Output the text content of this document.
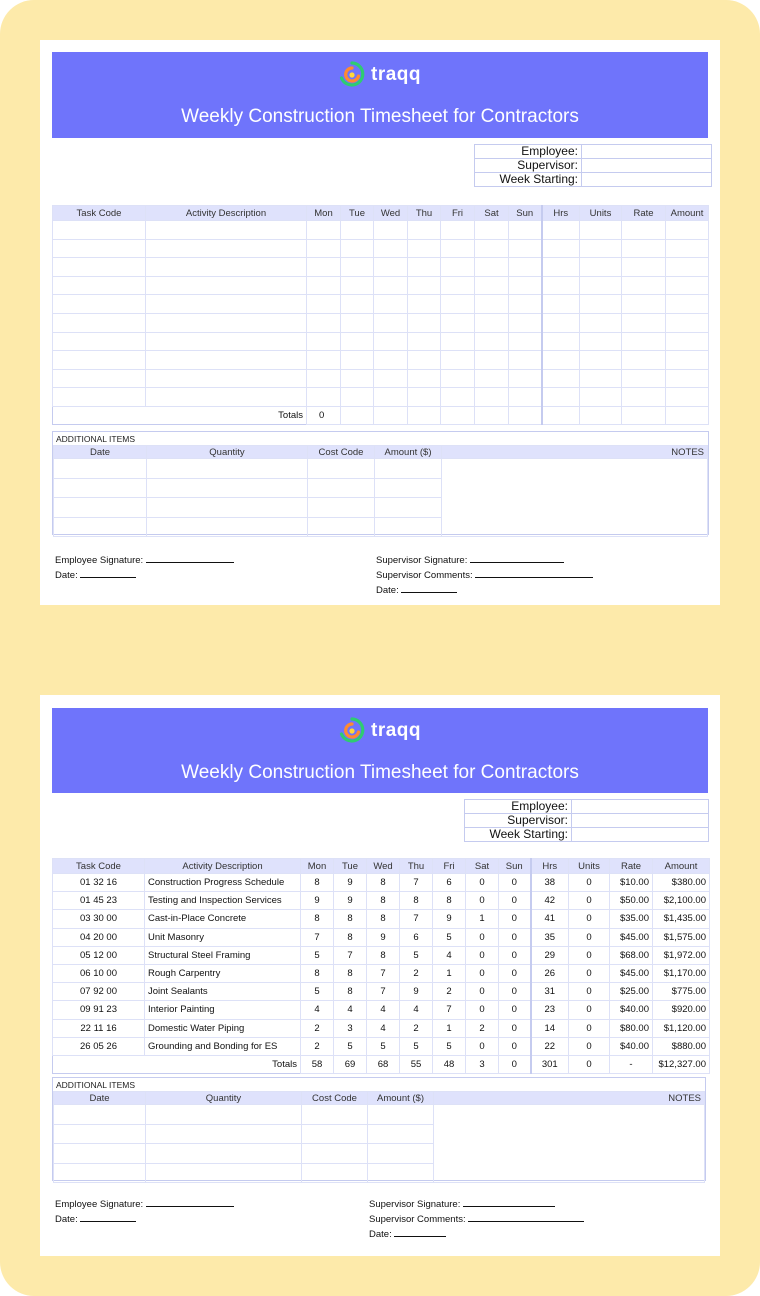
traqq
Weekly Construction Timesheet for Contractors
Employee:	
Supervisor:	
Week Starting:	
Task Code	Activity Description	Mon	Tue	Wed	Thu	Fri	Sat	Sun	Hrs	Units	Rate	Amount

Totals		0										
ADDITIONAL ITEMS
Date	Quantity	Cost Code	Amount ($)	NOTES

Employee Signature:
Date:
Supervisor Signature:
Supervisor Comments:
Date:
traqq
Weekly Construction Timesheet for Contractors
Employee:	
Supervisor:	
Week Starting:	
Task Code	Activity Description	Mon	Tue	Wed	Thu	Fri	Sat	Sun	Hrs	Units	Rate	Amount
01 32 16	Construction Progress Schedule	8	9	8	7	6	0	0	38	0	$10.00	$380.00
01 45 23	Testing and Inspection Services	9	9	8	8	8	0	0	42	0	$50.00	$2,100.00
03 30 00	Cast-in-Place Concrete	8	8	8	7	9	1	0	41	0	$35.00	$1,435.00
04 20 00	Unit Masonry	7	8	9	6	5	0	0	35	0	$45.00	$1,575.00
05 12 00	Structural Steel Framing	5	7	8	5	4	0	0	29	0	$68.00	$1,972.00
06 10 00	Rough Carpentry	8	8	7	2	1	0	0	26	0	$45.00	$1,170.00
07 92 00	Joint Sealants	5	8	7	9	2	0	0	31	0	$25.00	$775.00
09 91 23	Interior Painting	4	4	4	4	7	0	0	23	0	$40.00	$920.00
22 11 16	Domestic Water Piping	2	3	4	2	1	2	0	14	0	$80.00	$1,120.00
26 05 26	Grounding and Bonding for ES	2	5	5	5	5	0	0	22	0	$40.00	$880.00
Totals		58	69	68	55	48	3	0	301	0	-	$12,327.00
ADDITIONAL ITEMS
Date	Quantity	Cost Code	Amount ($)	NOTES

Employee Signature:
Date:
Supervisor Signature:
Supervisor Comments:
Date:
